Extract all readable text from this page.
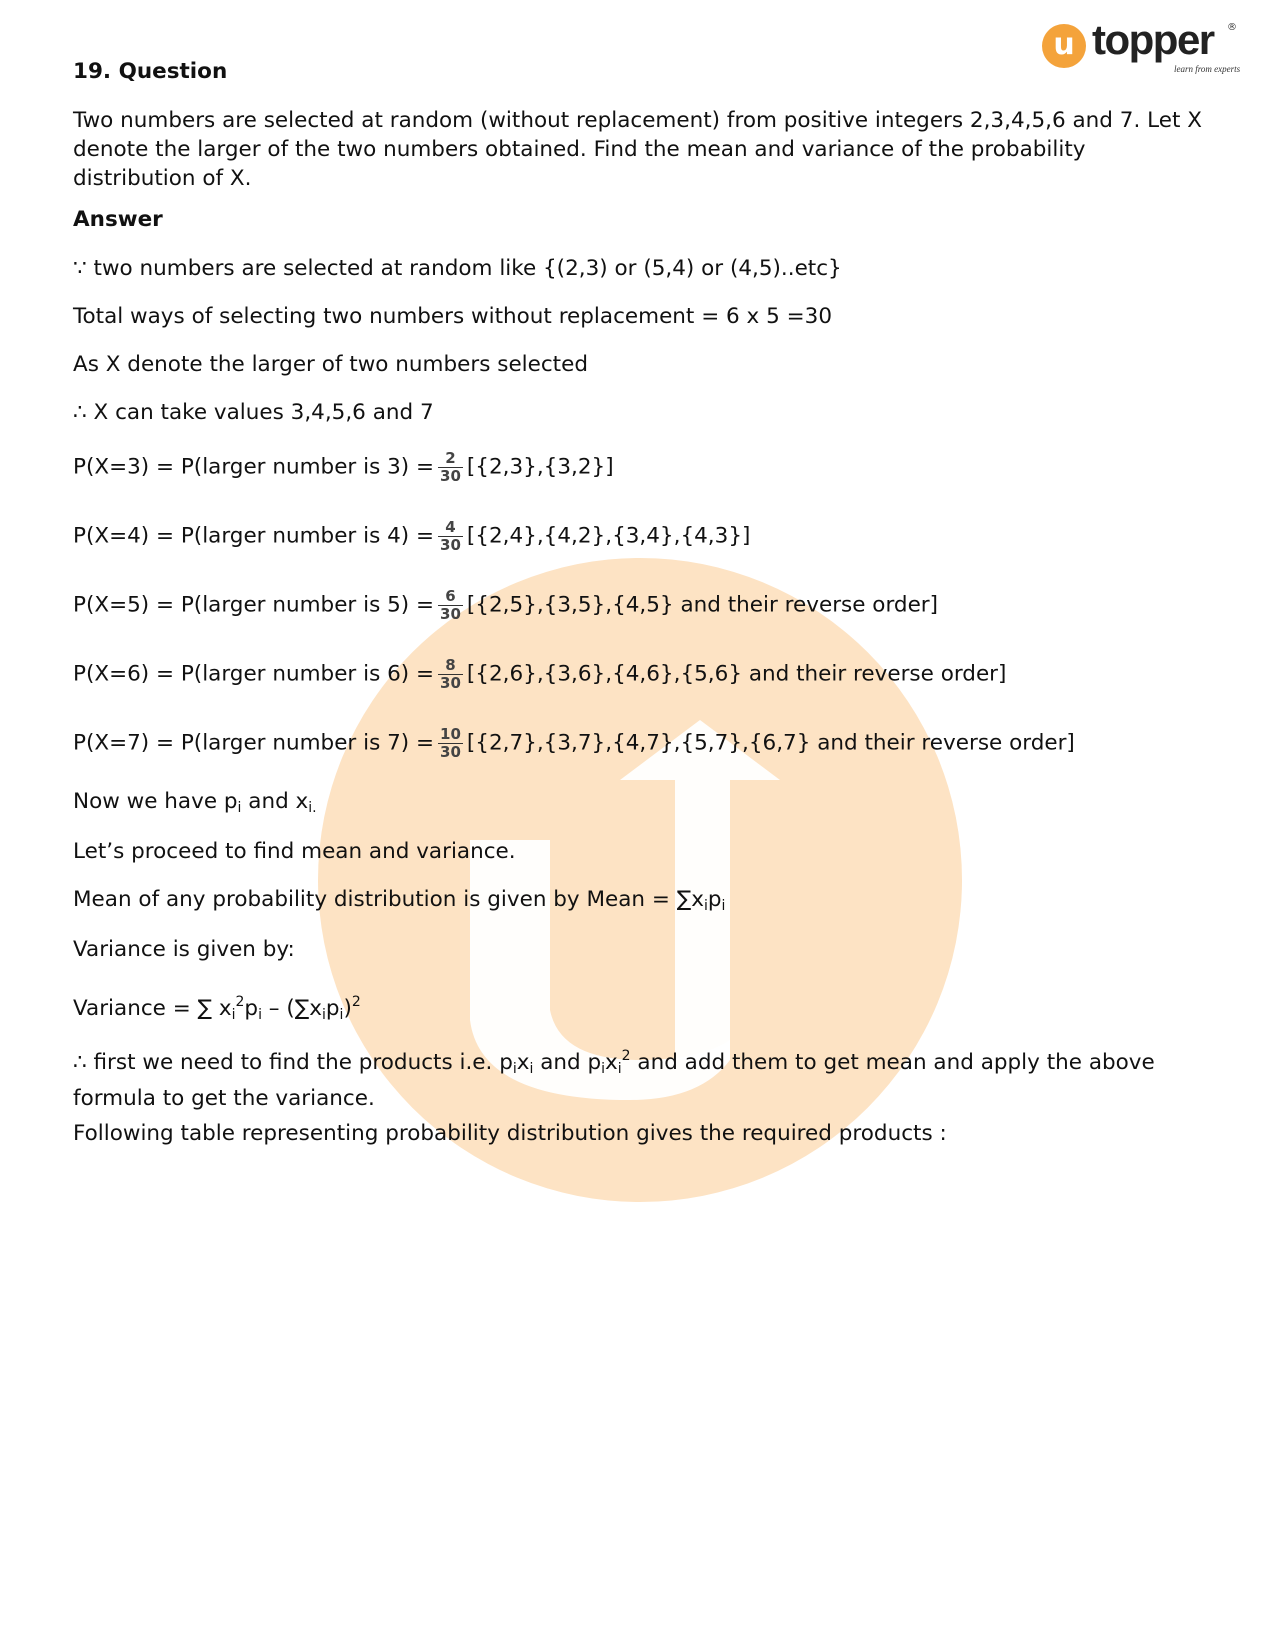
u topper
learn from experts
®
19. Question
Two numbers are selected at random (without replacement) from positive integers 2,3,4,5,6 and 7. Let X denote the larger of the two numbers obtained. Find the mean and variance of the probability distribution of X.
Answer
∵ two numbers are selected at random like {(2,3) or (5,4) or (4,5)..etc}
Total ways of selecting two numbers without replacement = 6 x 5 =30
As X denote the larger of two numbers selected
∴ X can take values 3,4,5,6 and 7
P(X=3) = P(larger number is $3) = \frac{2}{30} [\{2,3\},\{3,2\}]$
P(X=4) = P(larger number is $4) = \frac{4}{30} [\{2,4\},\{4,2\},\{3,4\},\{4,3\}]$
P(X=5) = P(larger number is $5) = \frac{6}{30} [\{2,5\},\{3,5\},\{4,5\}$ and their reverse order]
P(X=6) = P(larger number is $6) = \frac{8}{30} [\{2,6\},\{3,6\},\{4,6\},\{5,6\}$ and their reverse order]
P(X=7) = P(larger number is $7) = \frac{10}{30} [\{2,7\},\{3,7\},\{4,7\},\{5,7\},\{6,7\}$ and their reverse order]
Now we have $p_i$ and $x_{i.}$
Let’s proceed to find mean and variance.
Mean of any probability distribution is given by Mean = $\sum x_ip_i$
Variance is given by:
Variance = ∑ $x_i^2p_i - (\sum x_ip_i)^2$
∴ first we need to find the products i.e. $p_ix_i$ and $p_ix_i^2$ and add them to get mean and apply the above formula to get the variance.
Following table representing probability distribution gives the required products :
